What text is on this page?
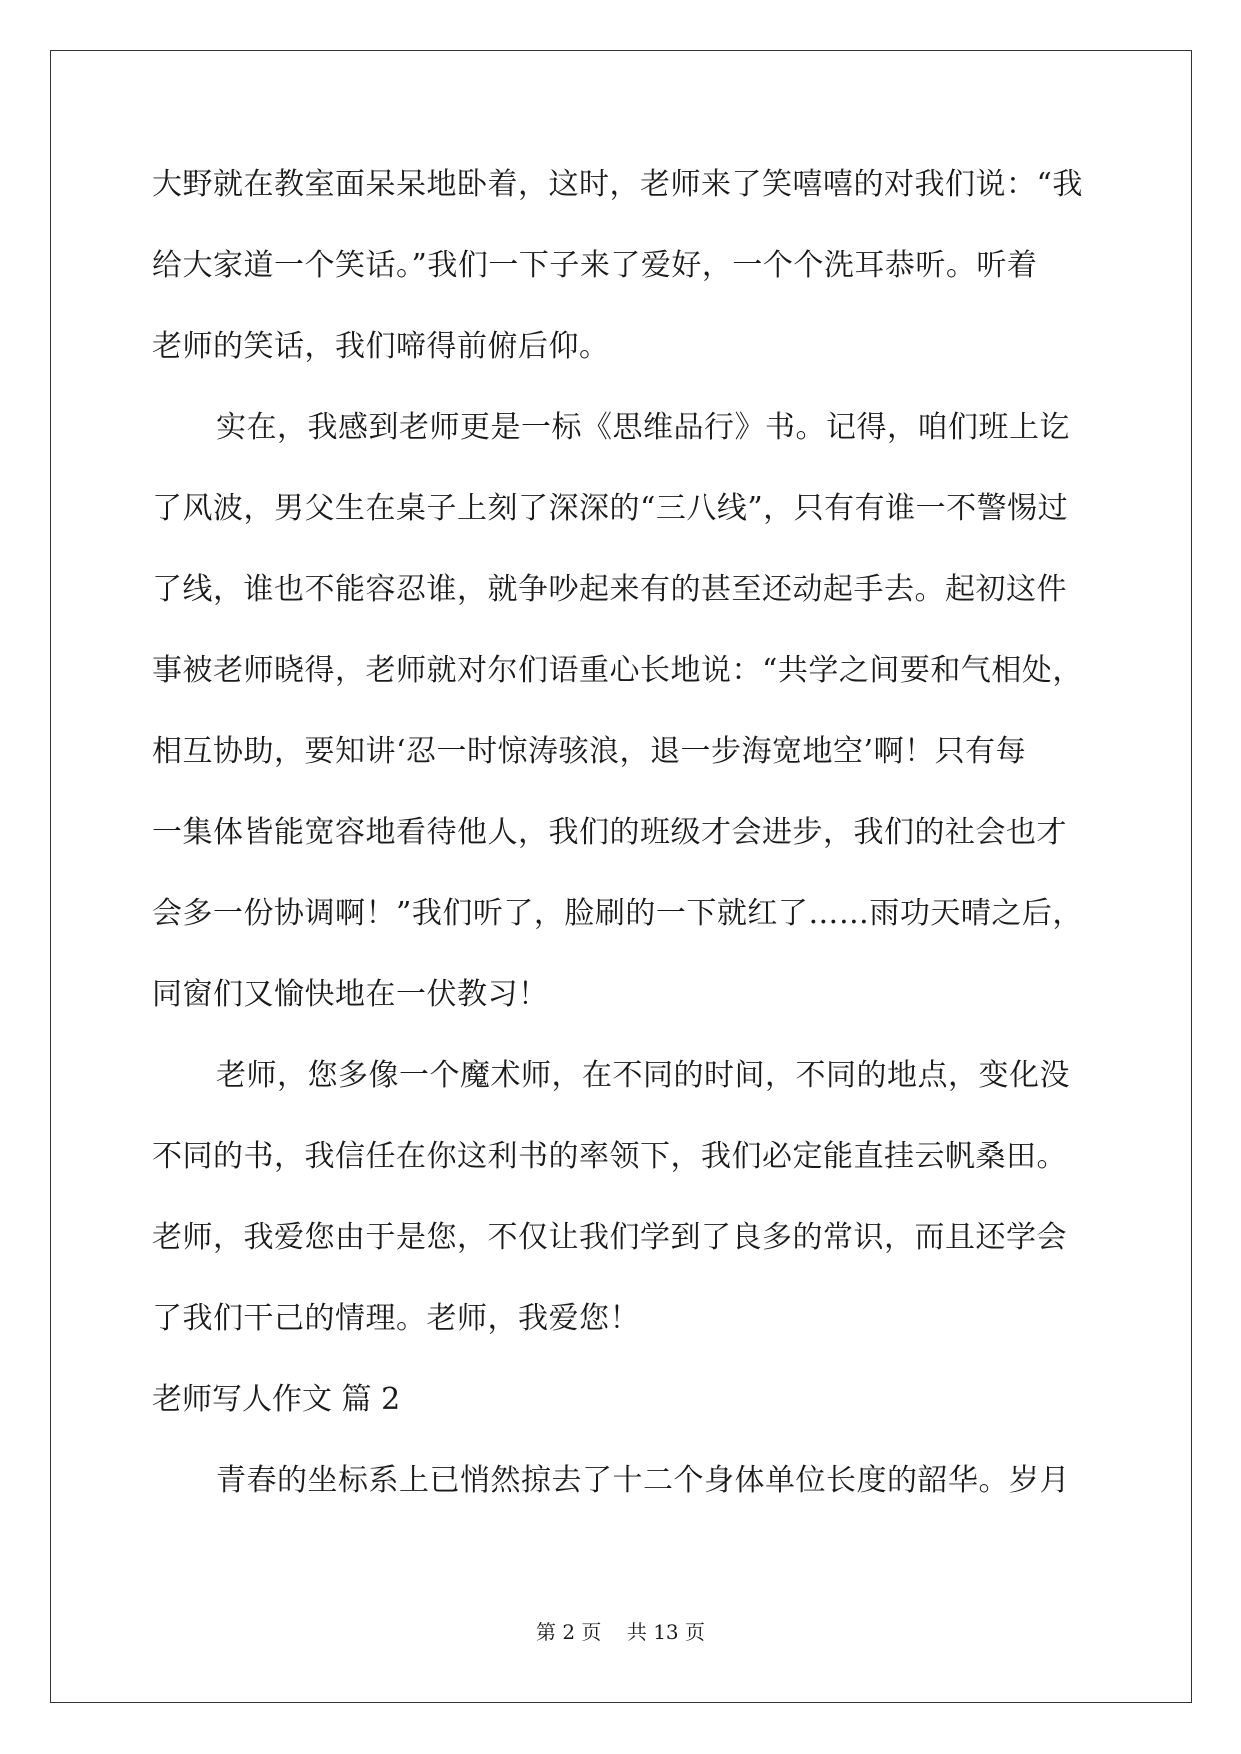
大野就在教室面呆呆地卧着，这时，老师来了笑嘻嘻的对我们说：“我
给大家道一个笑话。”我们一下子来了爱好，一个个洗耳恭听。听着
老师的笑话，我们啼得前俯后仰。
实在，我感到老师更是一标《思维品行》书。记得，咱们班上讫
了风波，男父生在桌子上刻了深深的“三八线”，只有有谁一不警惕过
了线，谁也不能容忍谁，就争吵起来有的甚至还动起手去。起初这件
事被老师晓得，老师就对尔们语重心长地说：“共学之间要和气相处，
相互协助，要知讲‘忍一时惊涛骇浪，退一步海宽地空’啊！只有每
一集体皆能宽容地看待他人，我们的班级才会进步，我们的社会也才
会多一份协调啊！”我们听了，脸刷的一下就红了……雨功天晴之后，
同窗们又愉快地在一伏教习！
老师，您多像一个魔术师，在不同的时间，不同的地点，变化没
不同的书，我信任在你这利书的率领下，我们必定能直挂云帆桑田。
老师，我爱您由于是您，不仅让我们学到了良多的常识，而且还学会
了我们干己的情理。老师，我爱您！
老师写人作文 篇 2
青春的坐标系上已悄然掠去了十二个身体单位长度的韶华。岁月
第 2 页    共 13 页
